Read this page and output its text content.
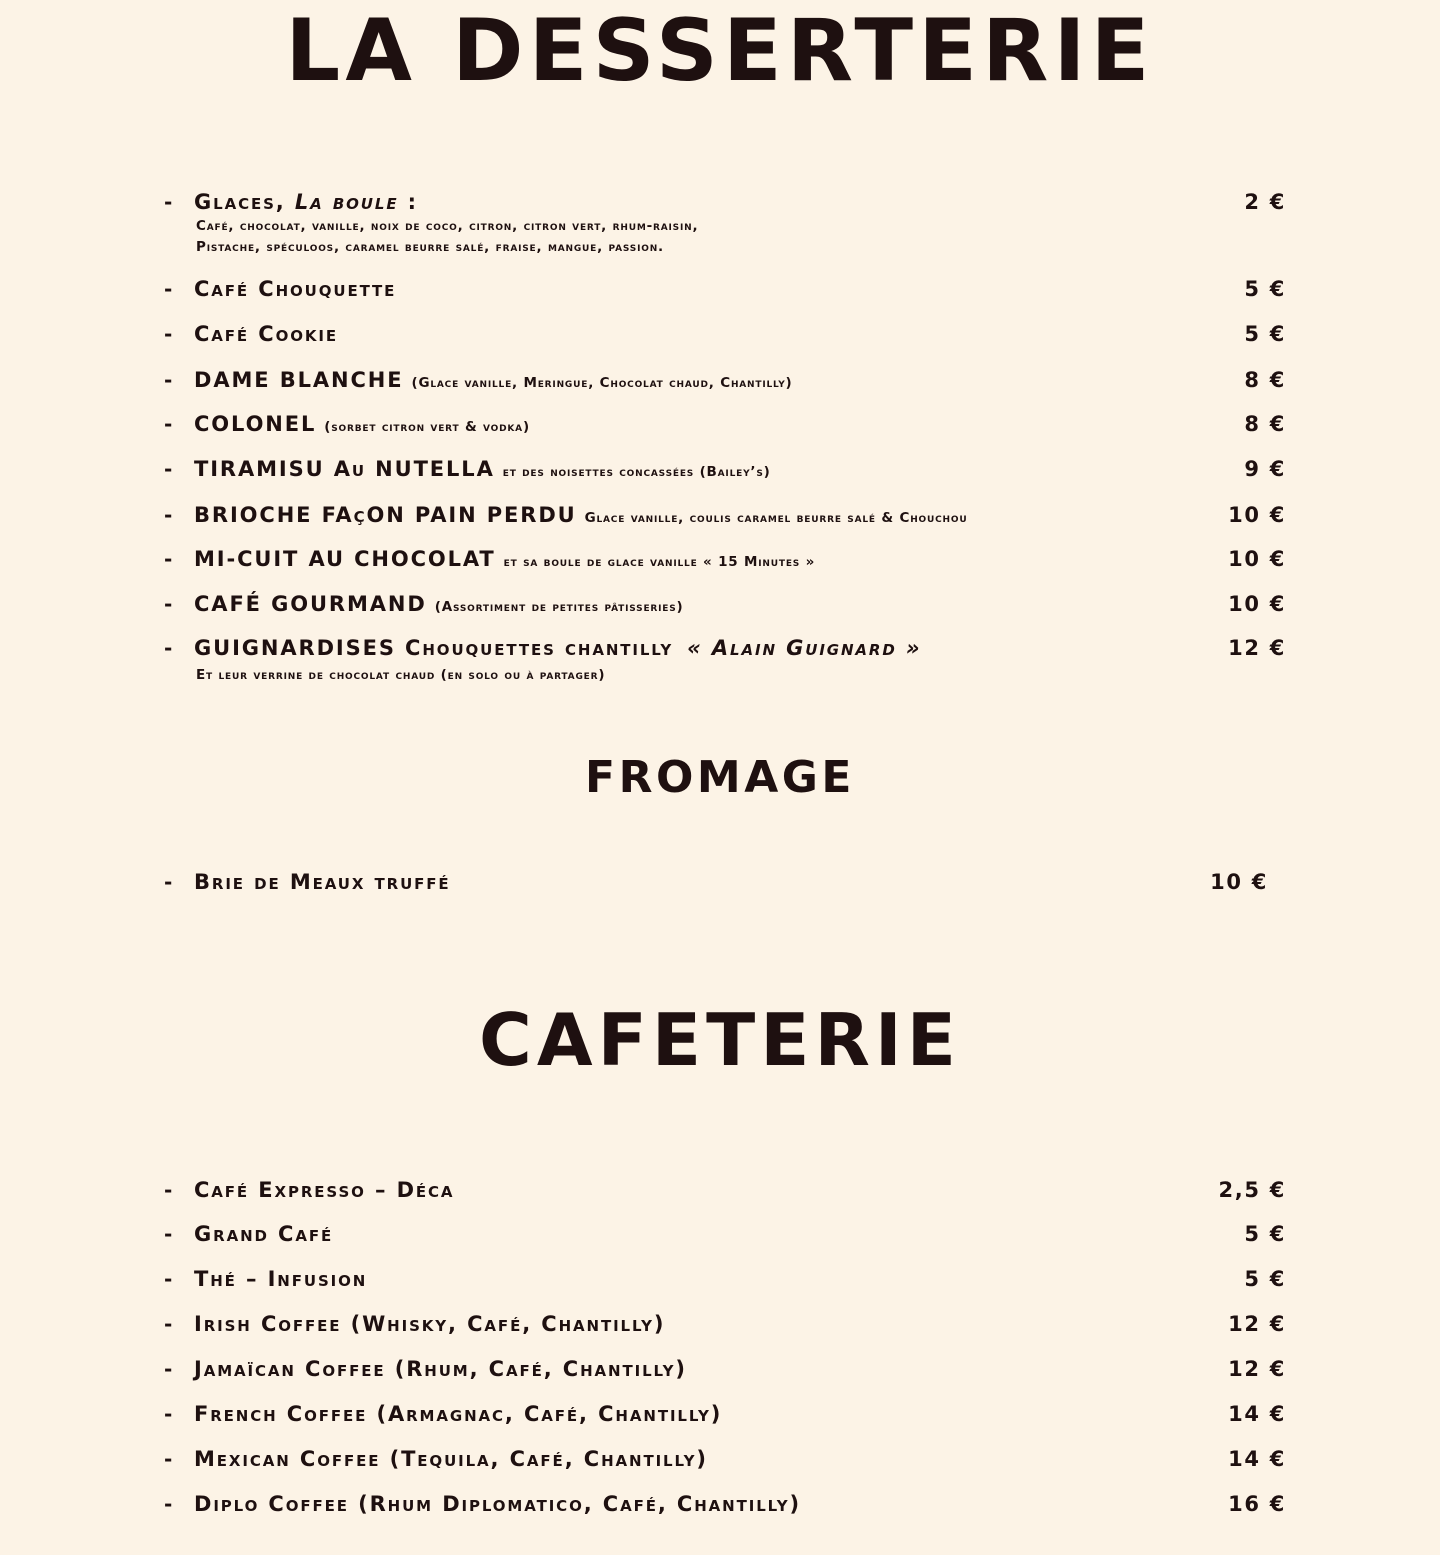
LA DESSERTERIE
- Glaces, La boule :	2 €
Café, chocolat, vanille, noix de coco, citron, citron vert, rhum-raisin,
Pistache, spéculoos, caramel beurre salé, fraise, mangue, passion.
- Café Chouquette	5 €
- Café Cookie	5 €
- DAME BLANCHE (Glace vanille, Meringue, Chocolat chaud, Chantilly)	8 €
- COLONEL (sorbet citron vert & vodka)	8 €
- TIRAMISU Au NUTELLA et des noisettes concassées (Bailey’s)	9 €
- BRIOCHE FAçON PAIN PERDU Glace vanille, coulis caramel beurre salé & Chouchou	10 €
- MI-CUIT AU CHOCOLAT et sa boule de glace vanille « 15 Minutes »	10 €
- CAFÉ GOURMAND (Assortiment de petites pâtisseries)	10 €
- GUIGNARDISES Chouquettes chantilly « Alain Guignard »	12 €
Et leur verrine de chocolat chaud (en solo ou à partager)
FROMAGE
- Brie de Meaux truffé	10 €
CAFETERIE
- Café Expresso – Déca	2,5 €
- Grand Café	5 €
- Thé – Infusion	5 €
- Irish Coffee (Whisky, Café, Chantilly)	12 €
- Jamaïcan Coffee (Rhum, Café, Chantilly)	12 €
- French Coffee (Armagnac, Café, Chantilly)	14 €
- Mexican Coffee (Tequila, Café, Chantilly)	14 €
- Diplo Coffee (Rhum Diplomatico, Café, Chantilly)	16 €
